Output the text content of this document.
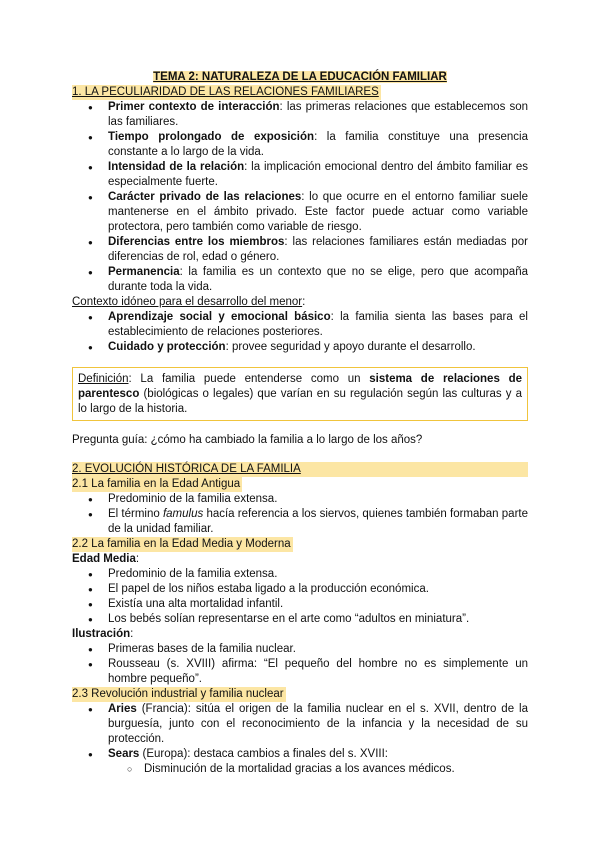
TEMA 2: NATURALEZA DE LA EDUCACIÓN FAMILIAR
1. LA PECULIARIDAD DE LAS RELACIONES FAMILIARES
● Primer contexto de interacción: las primeras relaciones que establecemos son las familiares.
● Tiempo prolongado de exposición: la familia constituye una presencia constante a lo largo de la vida.
● Intensidad de la relación: la implicación emocional dentro del ámbito familiar es especialmente fuerte.
● Carácter privado de las relaciones: lo que ocurre en el entorno familiar suele mantenerse en el ámbito privado. Este factor puede actuar como variable protectora, pero también como variable de riesgo.
● Diferencias entre los miembros: las relaciones familiares están mediadas por diferencias de rol, edad o género.
● Permanencia: la familia es un contexto que no se elige, pero que acompaña durante toda la vida.
Contexto idóneo para el desarrollo del menor:
● Aprendizaje social y emocional básico: la familia sienta las bases para el establecimiento de relaciones posteriores.
● Cuidado y protección: provee seguridad y apoyo durante el desarrollo.
Definición: La familia puede entenderse como un sistema de relaciones de parentesco (biológicas o legales) que varían en su regulación según las culturas y a lo largo de la historia.
Pregunta guía: ¿cómo ha cambiado la familia a lo largo de los años?
2. EVOLUCIÓN HISTÓRICA DE LA FAMILIA
2.1 La familia en la Edad Antigua
● Predominio de la familia extensa.
● El término famulus hacía referencia a los siervos, quienes también formaban parte de la unidad familiar.
2.2 La familia en la Edad Media y Moderna
Edad Media:
● Predominio de la familia extensa.
● El papel de los niños estaba ligado a la producción económica.
● Existía una alta mortalidad infantil.
● Los bebés solían representarse en el arte como “adultos en miniatura”.
Ilustración:
● Primeras bases de la familia nuclear.
● Rousseau (s. XVIII) afirma: “El pequeño del hombre no es simplemente un hombre pequeño”.
2.3 Revolución industrial y familia nuclear
● Aries (Francia): sitúa el origen de la familia nuclear en el s. XVII, dentro de la burguesía, junto con el reconocimiento de la infancia y la necesidad de su protección.
● Sears (Europa): destaca cambios a finales del s. XVIII:
○ Disminución de la mortalidad gracias a los avances médicos.
